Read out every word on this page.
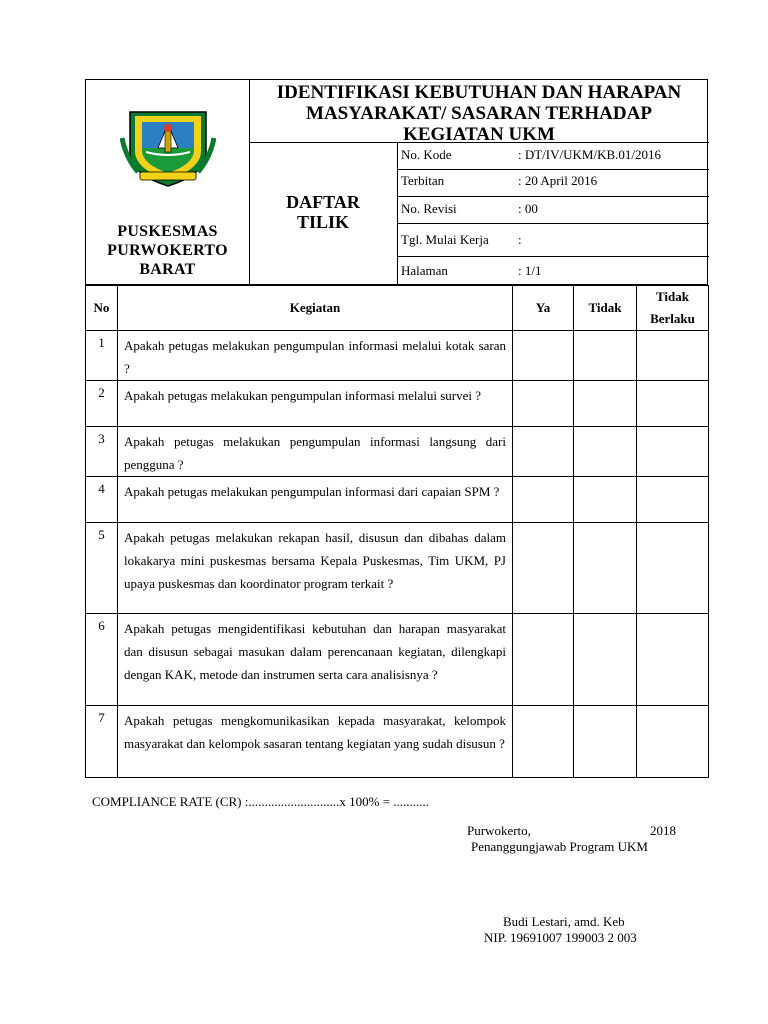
IDENTIFIKASI KEBUTUHAN DAN HARAPAN
MASYARAKAT/ SASARAN TERHADAP
KEGIATAN UKM
PUSKESMAS
PURWOKERTO
BARAT
DAFTAR
TILIK
No. Kode	: DT/IV/UKM/KB.01/2016
Terbitan	: 20 April 2016
No. Revisi	: 00
Tgl. Mulai Kerja :
Halaman	: 1/1
No	Kegiatan	Ya	Tidak	Tidak
Berlaku

1	Apakah petugas melakukan pengumpulan informasi melalui kotak saran ?			
2	Apakah petugas melakukan pengumpulan informasi melalui survei ?			
3	Apakah petugas melakukan pengumpulan informasi langsung dari pengguna ?			
4	Apakah petugas melakukan pengumpulan informasi dari capaian SPM ?			
5	Apakah petugas melakukan rekapan hasil, disusun dan dibahas dalam lokakarya mini puskesmas bersama Kepala Puskesmas, Tim UKM, PJ upaya puskesmas dan koordinator program terkait ?			
6	Apakah petugas mengidentifikasi kebutuhan dan harapan masyarakat dan disusun sebagai masukan dalam perencanaan kegiatan, dilengkapi dengan KAK, metode dan instrumen serta cara analisisnya ?			
7	Apakah petugas mengkomunikasikan kepada masyarakat, kelompok masyarakat dan kelompok sasaran tentang kegiatan yang sudah disusun ?			
COMPLIANCE RATE (CR) :............................x 100% = ...........
Purwokerto,	2018
Penanggungjawab Program UKM
Budi Lestari, amd. Keb
NIP. 19691007 199003 2 003
